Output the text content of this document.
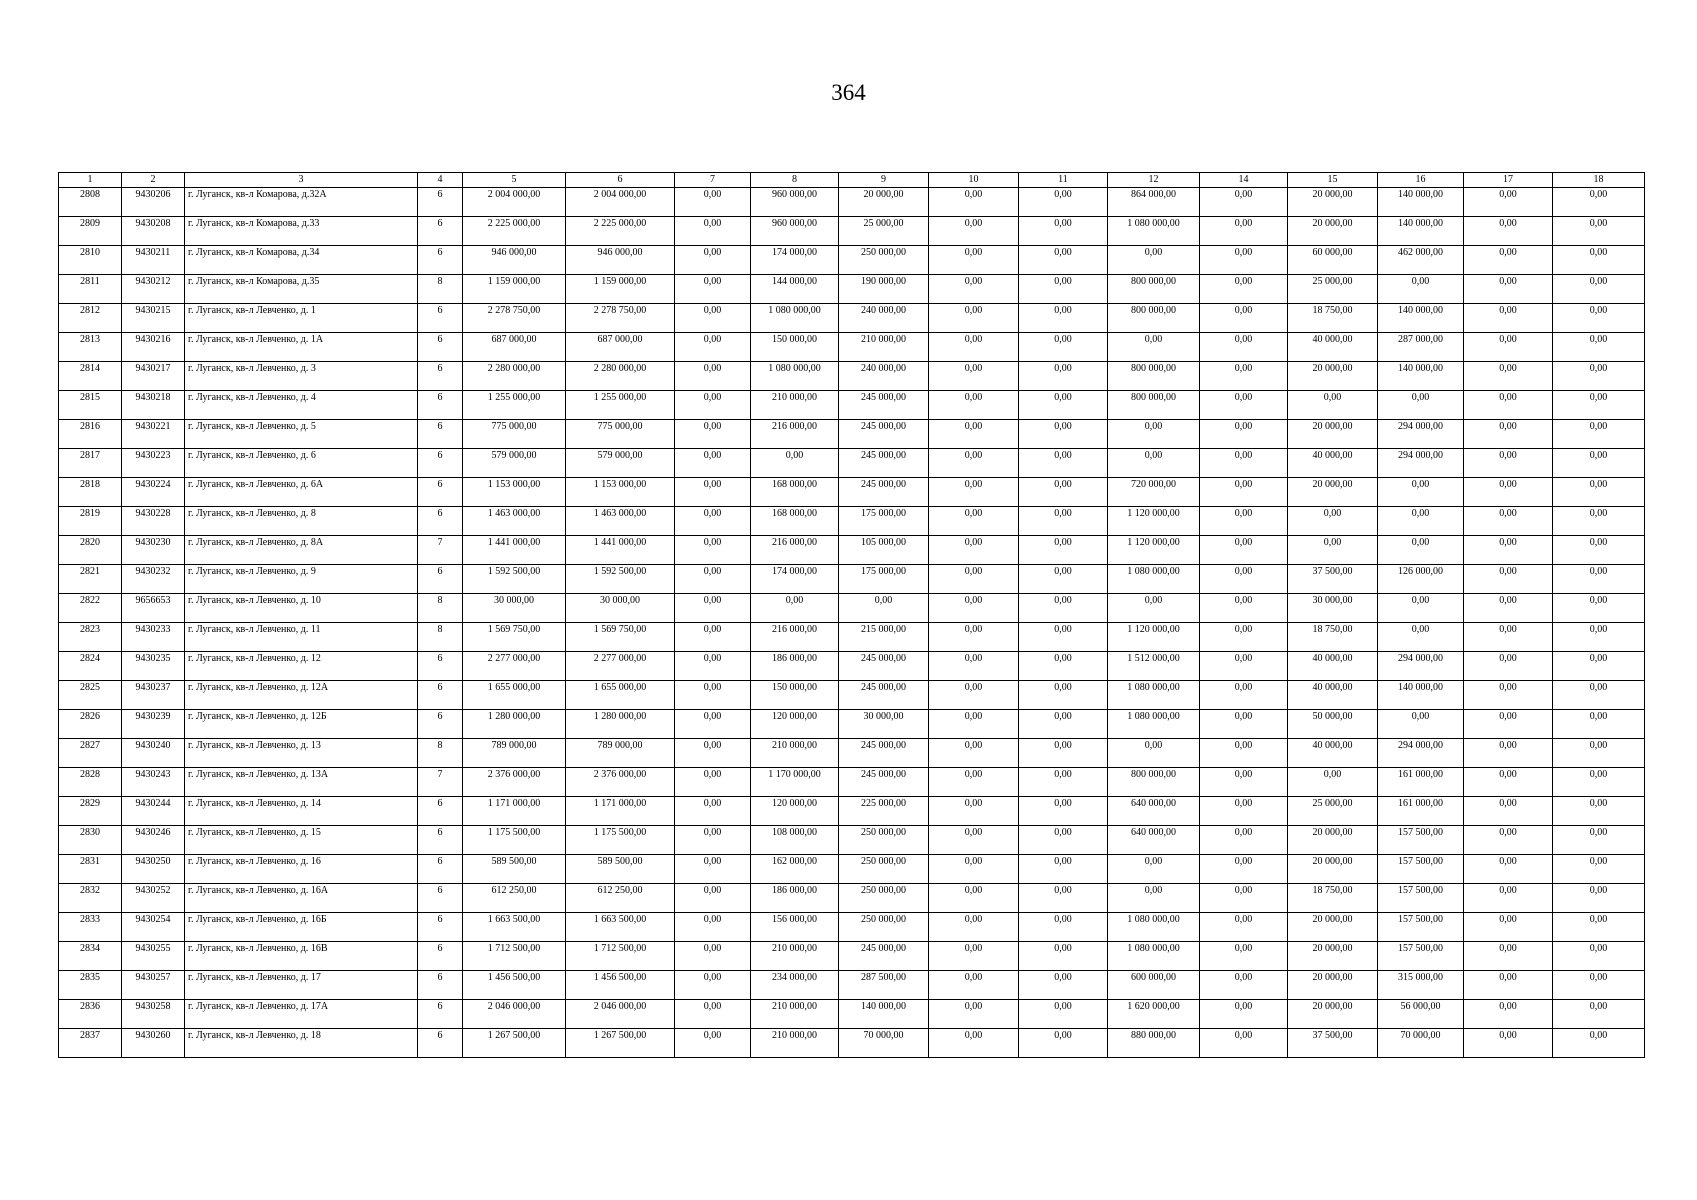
364
1	2	3	4	5	6	7	8	9	10	11	12	14	15	16	17	18
2808	9430206	г. Луганск, кв-л Комарова, д.32А	6	2 004 000,00	2 004 000,00	0,00	960 000,00	20 000,00	0,00	0,00	864 000,00	0,00	20 000,00	140 000,00	0,00	0,00
2809	9430208	г. Луганск, кв-л Комарова, д.33	6	2 225 000,00	2 225 000,00	0,00	960 000,00	25 000,00	0,00	0,00	1 080 000,00	0,00	20 000,00	140 000,00	0,00	0,00
2810	9430211	г. Луганск, кв-л Комарова, д.34	6	946 000,00	946 000,00	0,00	174 000,00	250 000,00	0,00	0,00	0,00	0,00	60 000,00	462 000,00	0,00	0,00
2811	9430212	г. Луганск, кв-л Комарова, д.35	8	1 159 000,00	1 159 000,00	0,00	144 000,00	190 000,00	0,00	0,00	800 000,00	0,00	25 000,00	0,00	0,00	0,00
2812	9430215	г. Луганск, кв-л Левченко, д. 1	6	2 278 750,00	2 278 750,00	0,00	1 080 000,00	240 000,00	0,00	0,00	800 000,00	0,00	18 750,00	140 000,00	0,00	0,00
2813	9430216	г. Луганск, кв-л Левченко, д. 1А	6	687 000,00	687 000,00	0,00	150 000,00	210 000,00	0,00	0,00	0,00	0,00	40 000,00	287 000,00	0,00	0,00
2814	9430217	г. Луганск, кв-л Левченко, д. 3	6	2 280 000,00	2 280 000,00	0,00	1 080 000,00	240 000,00	0,00	0,00	800 000,00	0,00	20 000,00	140 000,00	0,00	0,00
2815	9430218	г. Луганск, кв-л Левченко, д. 4	6	1 255 000,00	1 255 000,00	0,00	210 000,00	245 000,00	0,00	0,00	800 000,00	0,00	0,00	0,00	0,00	0,00
2816	9430221	г. Луганск, кв-л Левченко, д. 5	6	775 000,00	775 000,00	0,00	216 000,00	245 000,00	0,00	0,00	0,00	0,00	20 000,00	294 000,00	0,00	0,00
2817	9430223	г. Луганск, кв-л Левченко, д. 6	6	579 000,00	579 000,00	0,00	0,00	245 000,00	0,00	0,00	0,00	0,00	40 000,00	294 000,00	0,00	0,00
2818	9430224	г. Луганск, кв-л Левченко, д. 6А	6	1 153 000,00	1 153 000,00	0,00	168 000,00	245 000,00	0,00	0,00	720 000,00	0,00	20 000,00	0,00	0,00	0,00
2819	9430228	г. Луганск, кв-л Левченко, д. 8	6	1 463 000,00	1 463 000,00	0,00	168 000,00	175 000,00	0,00	0,00	1 120 000,00	0,00	0,00	0,00	0,00	0,00
2820	9430230	г. Луганск, кв-л Левченко, д. 8А	7	1 441 000,00	1 441 000,00	0,00	216 000,00	105 000,00	0,00	0,00	1 120 000,00	0,00	0,00	0,00	0,00	0,00
2821	9430232	г. Луганск, кв-л Левченко, д. 9	6	1 592 500,00	1 592 500,00	0,00	174 000,00	175 000,00	0,00	0,00	1 080 000,00	0,00	37 500,00	126 000,00	0,00	0,00
2822	9656653	г. Луганск, кв-л Левченко, д. 10	8	30 000,00	30 000,00	0,00	0,00	0,00	0,00	0,00	0,00	0,00	30 000,00	0,00	0,00	0,00
2823	9430233	г. Луганск, кв-л Левченко, д. 11	8	1 569 750,00	1 569 750,00	0,00	216 000,00	215 000,00	0,00	0,00	1 120 000,00	0,00	18 750,00	0,00	0,00	0,00
2824	9430235	г. Луганск, кв-л Левченко, д. 12	6	2 277 000,00	2 277 000,00	0,00	186 000,00	245 000,00	0,00	0,00	1 512 000,00	0,00	40 000,00	294 000,00	0,00	0,00
2825	9430237	г. Луганск, кв-л Левченко, д. 12А	6	1 655 000,00	1 655 000,00	0,00	150 000,00	245 000,00	0,00	0,00	1 080 000,00	0,00	40 000,00	140 000,00	0,00	0,00
2826	9430239	г. Луганск, кв-л Левченко, д. 12Б	6	1 280 000,00	1 280 000,00	0,00	120 000,00	30 000,00	0,00	0,00	1 080 000,00	0,00	50 000,00	0,00	0,00	0,00
2827	9430240	г. Луганск, кв-л Левченко, д. 13	8	789 000,00	789 000,00	0,00	210 000,00	245 000,00	0,00	0,00	0,00	0,00	40 000,00	294 000,00	0,00	0,00
2828	9430243	г. Луганск, кв-л Левченко, д. 13А	7	2 376 000,00	2 376 000,00	0,00	1 170 000,00	245 000,00	0,00	0,00	800 000,00	0,00	0,00	161 000,00	0,00	0,00
2829	9430244	г. Луганск, кв-л Левченко, д. 14	6	1 171 000,00	1 171 000,00	0,00	120 000,00	225 000,00	0,00	0,00	640 000,00	0,00	25 000,00	161 000,00	0,00	0,00
2830	9430246	г. Луганск, кв-л Левченко, д. 15	6	1 175 500,00	1 175 500,00	0,00	108 000,00	250 000,00	0,00	0,00	640 000,00	0,00	20 000,00	157 500,00	0,00	0,00
2831	9430250	г. Луганск, кв-л Левченко, д. 16	6	589 500,00	589 500,00	0,00	162 000,00	250 000,00	0,00	0,00	0,00	0,00	20 000,00	157 500,00	0,00	0,00
2832	9430252	г. Луганск, кв-л Левченко, д. 16А	6	612 250,00	612 250,00	0,00	186 000,00	250 000,00	0,00	0,00	0,00	0,00	18 750,00	157 500,00	0,00	0,00
2833	9430254	г. Луганск, кв-л Левченко, д. 16Б	6	1 663 500,00	1 663 500,00	0,00	156 000,00	250 000,00	0,00	0,00	1 080 000,00	0,00	20 000,00	157 500,00	0,00	0,00
2834	9430255	г. Луганск, кв-л Левченко, д. 16В	6	1 712 500,00	1 712 500,00	0,00	210 000,00	245 000,00	0,00	0,00	1 080 000,00	0,00	20 000,00	157 500,00	0,00	0,00
2835	9430257	г. Луганск, кв-л Левченко, д. 17	6	1 456 500,00	1 456 500,00	0,00	234 000,00	287 500,00	0,00	0,00	600 000,00	0,00	20 000,00	315 000,00	0,00	0,00
2836	9430258	г. Луганск, кв-л Левченко, д. 17А	6	2 046 000,00	2 046 000,00	0,00	210 000,00	140 000,00	0,00	0,00	1 620 000,00	0,00	20 000,00	56 000,00	0,00	0,00
2837	9430260	г. Луганск, кв-л Левченко, д. 18	6	1 267 500,00	1 267 500,00	0,00	210 000,00	70 000,00	0,00	0,00	880 000,00	0,00	37 500,00	70 000,00	0,00	0,00
